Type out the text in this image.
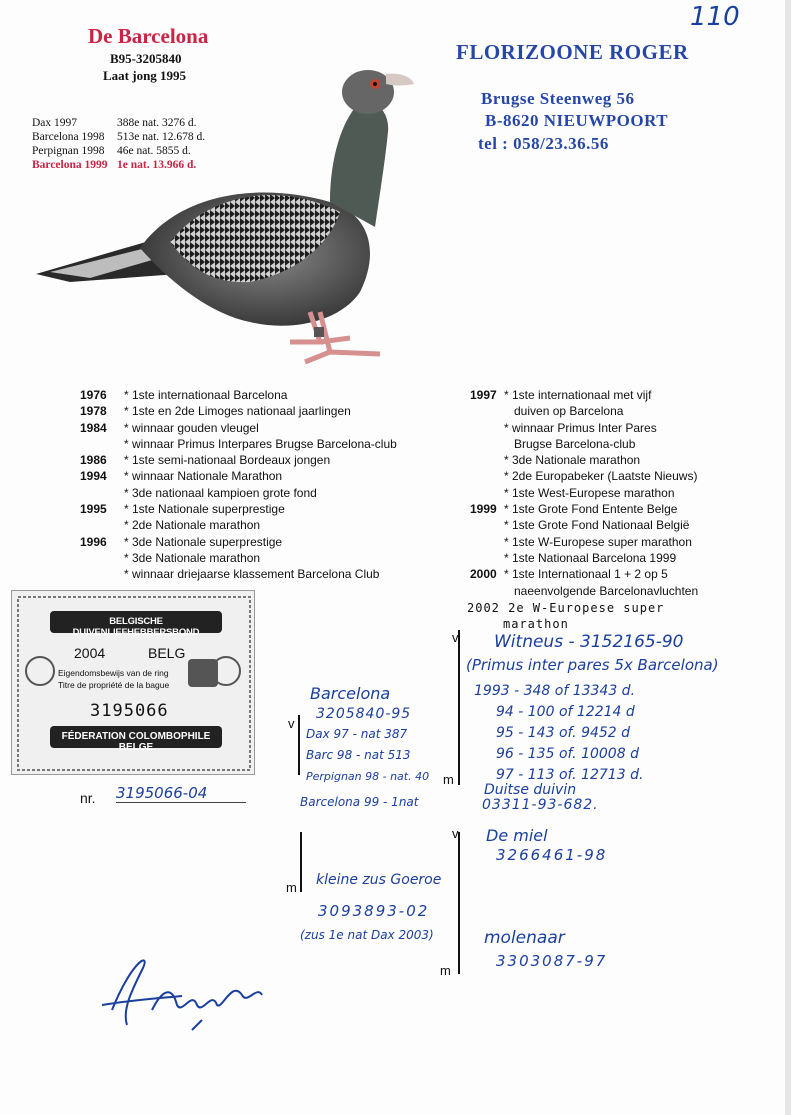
110
De Barcelona
B95-3205840
Laat jong 1995
Dax 1997	388e nat. 3276 d.
Barcelona 1998	513e nat. 12.678 d.
Perpignan 1998	46e nat. 5855 d.
Barcelona 1999 1e nat. 13.966 d.
FLORIZOONE ROGER
Brugse Steenweg 56
B-8620 NIEUWPOORT
tel : 058/23.36.56
1976	* 1ste internationaal Barcelona
1978	* 1ste en 2de Limoges nationaal jaarlingen
1984	* winnaar gouden vleugel
* winnaar Primus Interpares Brugse Barcelona-club
1986	* 1ste semi-nationaal Bordeaux jongen
1994	* winnaar Nationale Marathon
* 3de nationaal kampioen grote fond
1995	* 1ste Nationale superprestige
* 2de Nationale marathon
1996	* 3de Nationale superprestige
* 3de Nationale marathon
* winnaar driejaarse klassement Barcelona Club
1997 * 1ste internationaal met vijf
duiven op Barcelona
* winnaar Primus Inter Pares
Brugse Barcelona-club
* 3de Nationale marathon
* 2de Europabeker (Laatste Nieuws)
* 1ste West-Europese marathon
1999 * 1ste Grote Fond Entente Belge
* 1ste Grote Fond Nationaal België
* 1ste W-Europese super marathon
* 1ste Nationaal Barcelona 1999
2000 * 1ste Internationaal 1 + 2 op 5
naeenvolgende Barcelonavluchten
2002 2e W-Europese super
marathon
BELGISCHE DUIVENLIEFHEBBERSBOND
2004	BELG
Eigendomsbewijs van de ring
Titre de propriété de la bague
3195066
FÉDERATION COLOMBOPHILE BELGE
nr. 3195066-04
v
v
m
v
m
m
Barcelona
3205840-95
Dax 97 - nat 387
Barc 98 - nat 513
Perpignan 98 - nat. 40
Barcelona 99 - 1nat
Witneus - 3152165-90
(Primus inter pares 5x Barcelona)
1993 - 348 of 13343 d.
94 - 100 of 12214 d
95 - 143 of. 9452 d
96 - 135 of. 10008 d
97 - 113 of. 12713 d.
Duitse duivin
03311-93-682.
De miel
3266461-98
kleine zus Goeroe
3093893-02
(zus 1e nat Dax 2003)	molenaar
3303087-97
